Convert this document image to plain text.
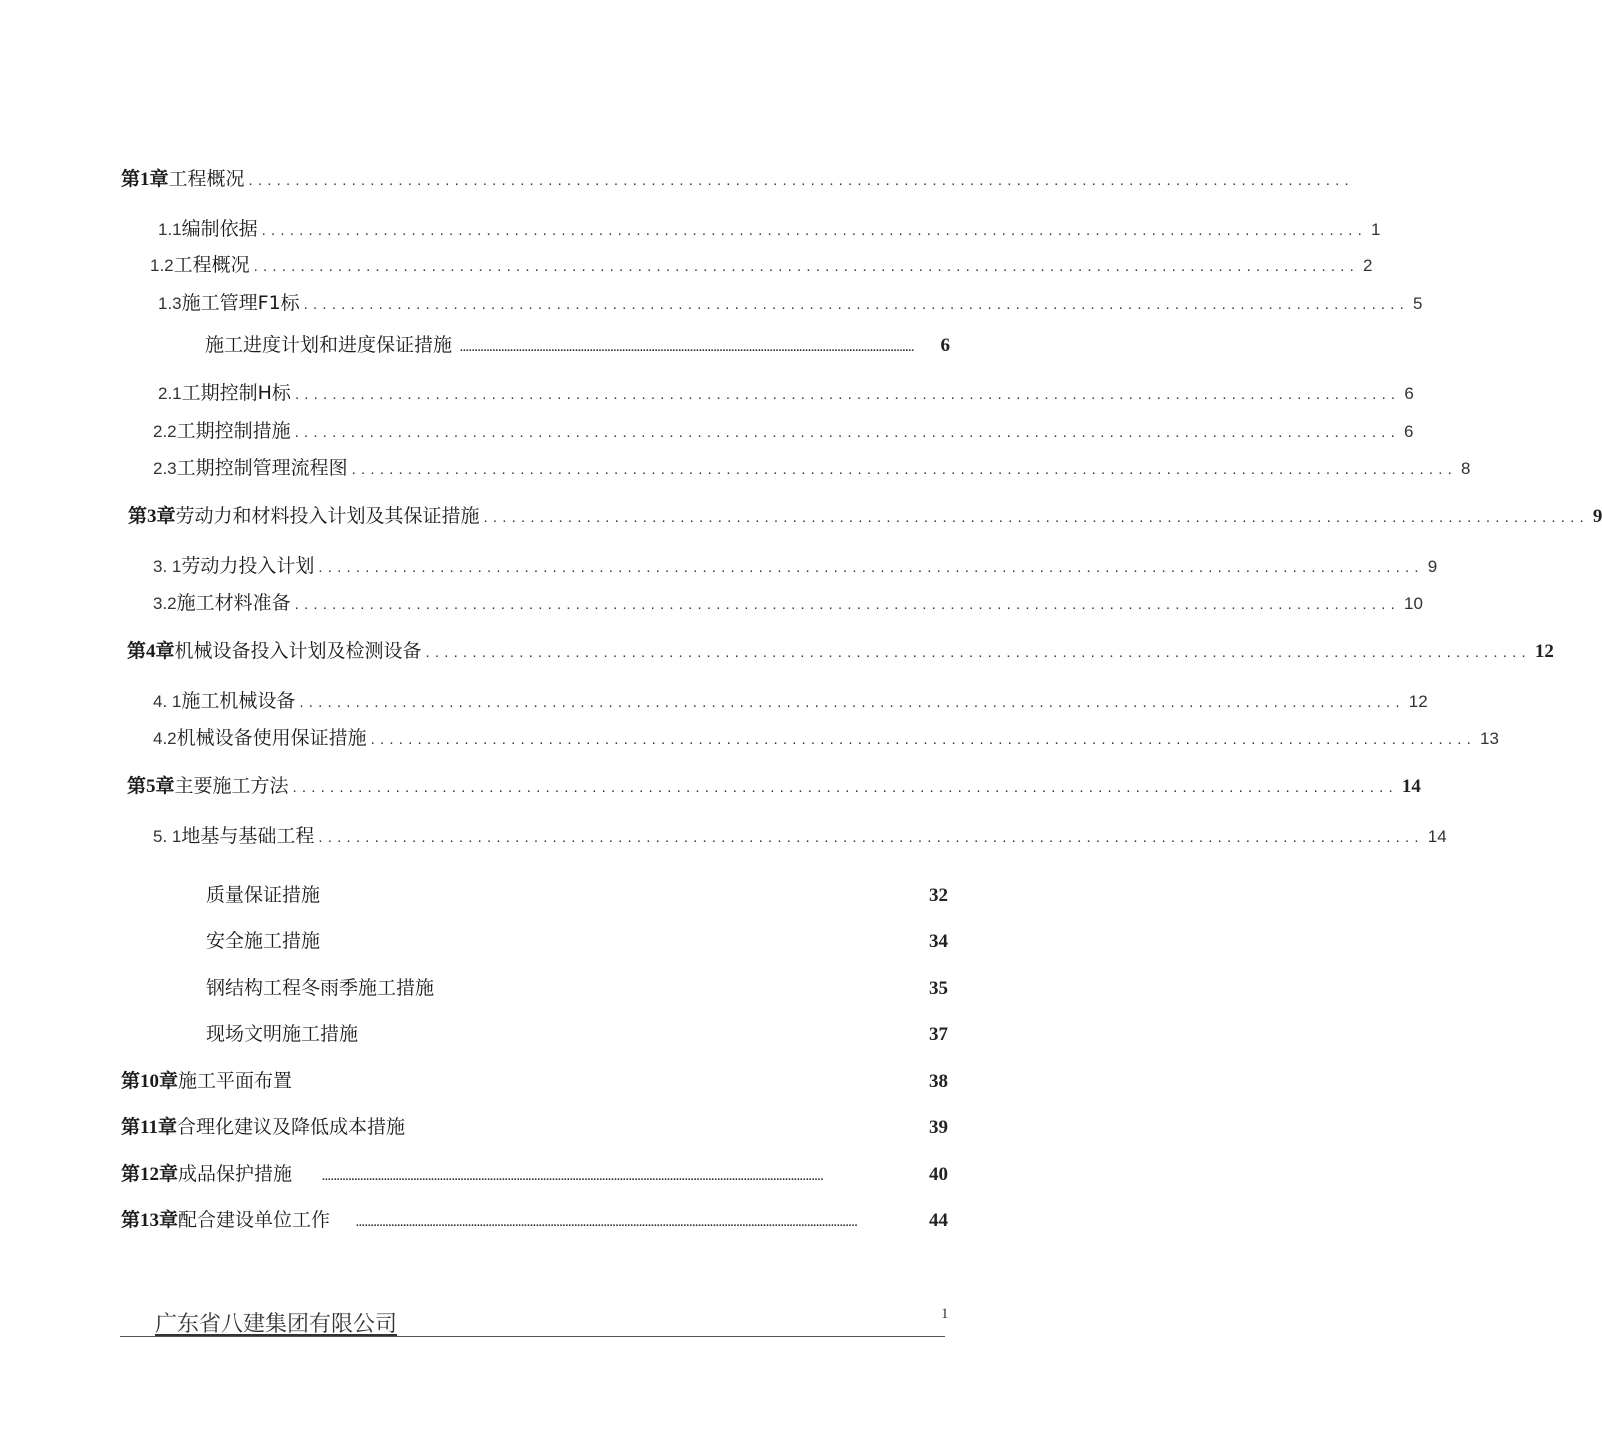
第1章 工程概况 ......................................................................................................................
1.1 编制依据 ...................................................................................................................... 1
1.2 工程概况 ...................................................................................................................... 2
1.3 施工管理F1标 ...................................................................................................................... 5
施工进度计划和进度保证措施 ..........................................................................................................................................................	6
2.1 工期控制H标 ...................................................................................................................... 6
2.2 工期控制措施 ...................................................................................................................... 6
2.3 工期控制管理流程图 ...................................................................................................................... 8
第3章 劳动力和材料投入计划及其保证措施 ...................................................................................................................... 9
3. 1 劳动力投入计划 ...................................................................................................................... 9
3.2 施工材料准备 ...................................................................................................................... 10
第4章 机械设备投入计划及检测设备 ...................................................................................................................... 12
4. 1 施工机械设备 ...................................................................................................................... 12
4.2 机械设备使用保证措施 ...................................................................................................................... 13
第5章 主要施工方法 ...................................................................................................................... 14
5. 1 地基与基础工程 ...................................................................................................................... 14
质量保证措施	32
安全施工措施	34
钢结构工程冬雨季施工措施	35
现场文明施工措施	37
第10章 施工平面布置	38
第11章 合理化建议及降低成本措施	39
第12章 成品保护措施	..........................................................................................................................................................................	40
第13章 配合建设单位工作 ..........................................................................................................................................................................	44
广东省八建集团有限公司	1
